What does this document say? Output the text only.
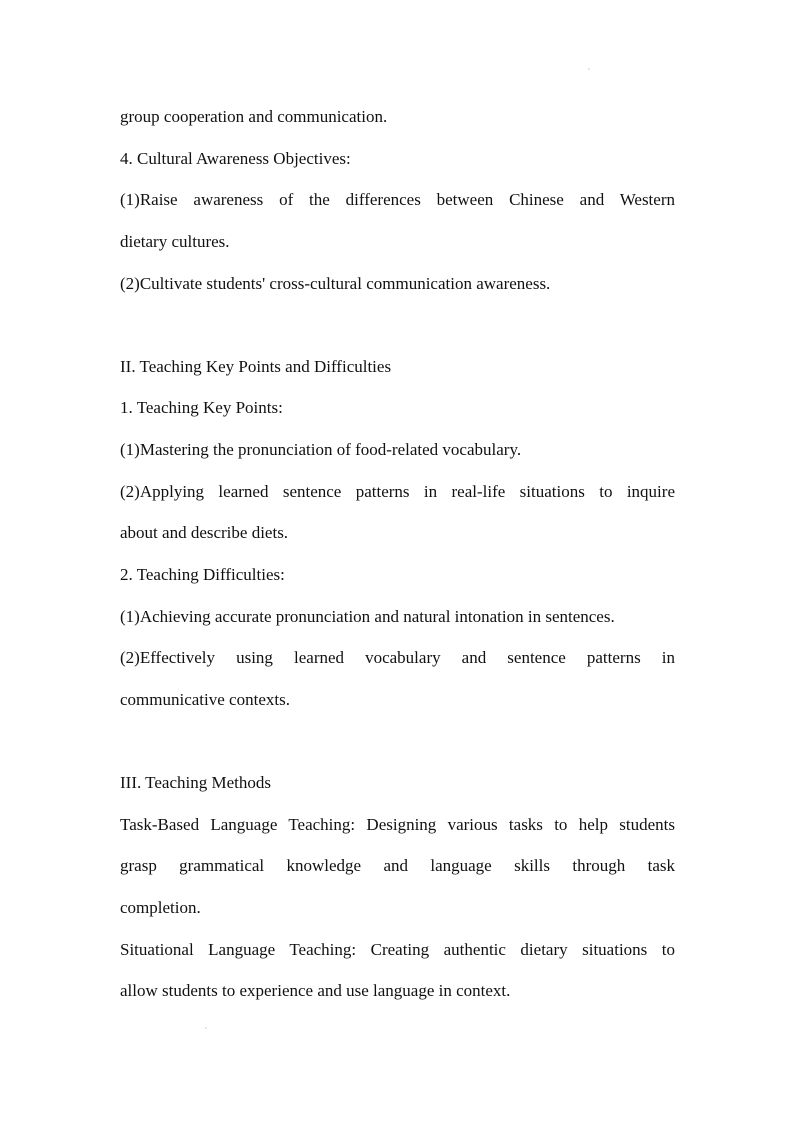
group cooperation and communication.
4. Cultural Awareness Objectives:
(1)Raise awareness of the differences between Chinese and Western
dietary cultures.
(2)Cultivate students' cross-cultural communication awareness.
II. Teaching Key Points and Difficulties
1. Teaching Key Points:
(1)Mastering the pronunciation of food-related vocabulary.
(2)Applying learned sentence patterns in real-life situations to inquire
about and describe diets.
2. Teaching Difficulties:
(1)Achieving accurate pronunciation and natural intonation in sentences.
(2)Effectively using learned vocabulary and sentence patterns in
communicative contexts.
III. Teaching Methods
Task-Based Language Teaching: Designing various tasks to help students
grasp grammatical knowledge and language skills through task
completion.
Situational Language Teaching: Creating authentic dietary situations to
allow students to experience and use language in context.
